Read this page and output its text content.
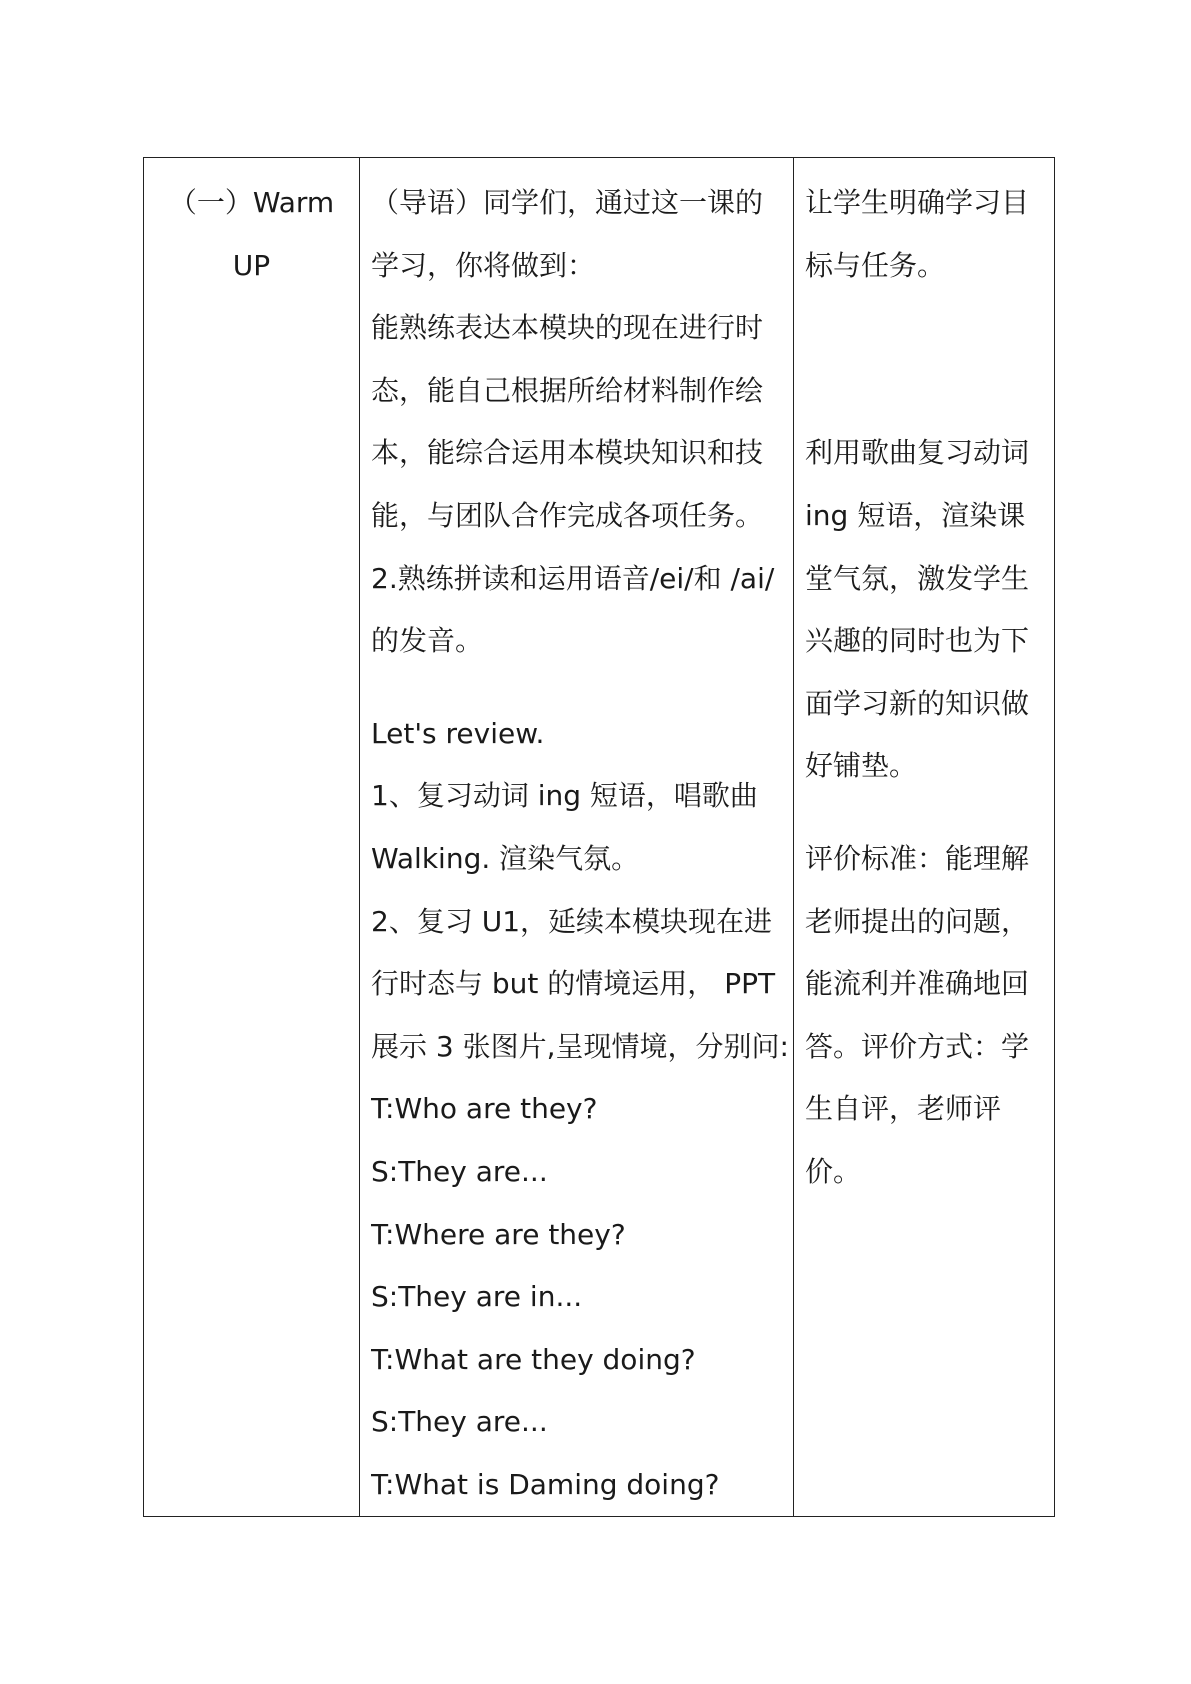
（一）Warm
UP

（导语）同学们，通过这一课的
学习，你将做到：
能熟练表达本模块的现在进行时
态，能自己根据所给材料制作绘
本，能综合运用本模块知识和技
能，与团队合作完成各项任务。
2.熟练拼读和运用语音/ei/和 /ai/
的发音。
Let's review.
1、复习动词 ing 短语，唱歌曲
Walking. 渲染气氛。
2、复习 U1，延续本模块现在进
行时态与 but 的情境运用， PPT
展示 3 张图片,呈现情境，分别问:
T:Who are they?
S:They are...
T:Where are they?
S:They are in...
T:What are they doing?
S:They are...
T:What is Daming doing?

让学生明确学习目
标与任务。
利用歌曲复习动词
ing 短语，渲染课
堂气氛，激发学生
兴趣的同时也为下
面学习新的知识做
好铺垫。
评价标准：能理解
老师提出的问题，
能流利并准确地回
答。评价方式：学
生自评，老师评
价。
